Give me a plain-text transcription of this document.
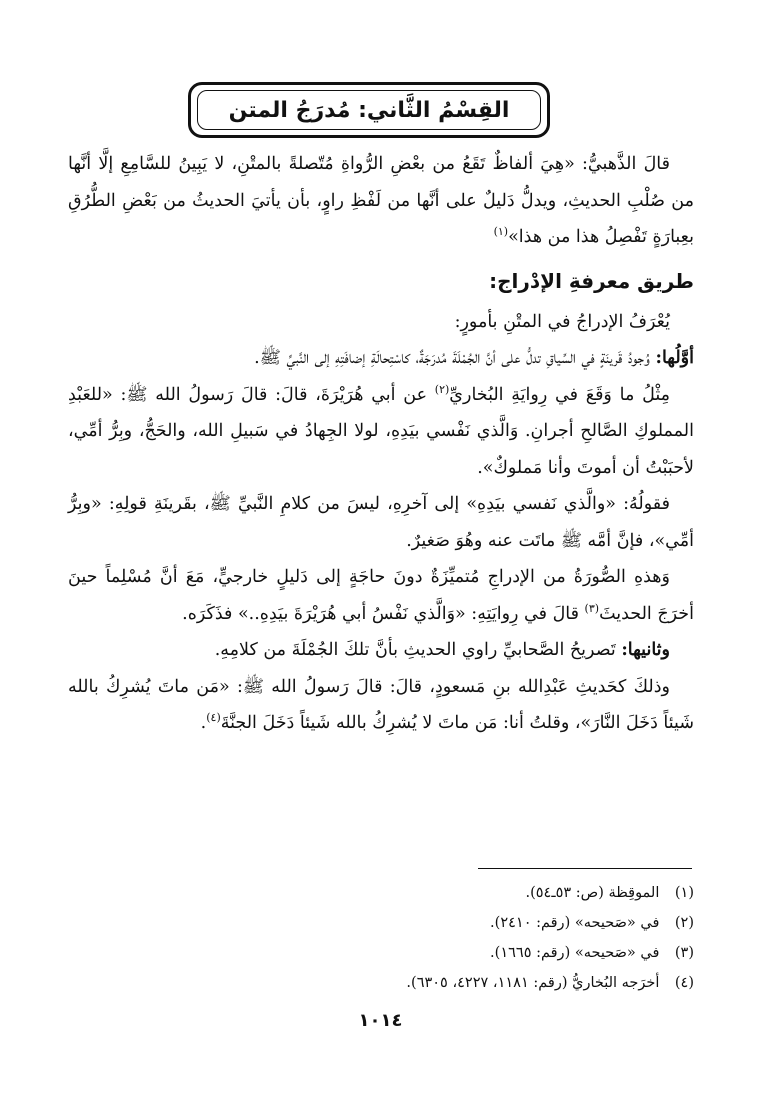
القِسْمُ الثَّاني: مُدرَجُ المتن

قالَ الذَّهبيُّ: «هِيَ ألفاظٌ تَقَعُ من بعْضِ الرُّواةِ مُتّصلةً بالمتْنِ، لا يَبِينُ للسَّامِعِ إلَّا أنَّها من صُلْبِ الحديثِ، ويدلُّ دَليلٌ على أنَّها من لَفْظِ راوٍ، بأن يأتيَ الحديثُ من بَعْضِ الطُّرُقِ بعِبارَةٍ تَفْصِلُ هذا من هذا»$^{(١)}$

طريق معرفةِ الإدْراج:

يُعْرَفُ الإدراجُ في المتْنِ بأمورٍ:

أوَّلُها: وُجودُ قَرينَةٍ في السِّياقِ تدلُّ على أنَّ الجُمْلَةَ مُدرَجَةٌ، كاسْتِحالَةِ إضافَتِهِ إلى النَّبيِّ ﷺ.

مِثْلُ ما وَقَعَ في رِوايَةِ البُخاريِّ$^{(٢)}$ عن أبي هُرَيْرَةَ، قالَ: قالَ رَسولُ الله ﷺ: «للعَبْدِ المملوكِ الصَّالحِ أجرانِ. وَالَّذي نَفْسي بيَدِهِ، لولا الجِهادُ في سَبيلِ الله، والحَجُّ، وبِرُّ أمِّي، لأحبَبْتُ أن أموتَ وأنا مَملوكٌ».

فقولُهُ: «والَّذي نَفسي بيَدِهِ» إلى آخرِهِ، ليسَ من كلامِ النَّبيِّ ﷺ، بقَرينَةِ قولِهِ: «وبِرُّ أمِّي»، فإنَّ أمَّه ﷺ ماتَت عنه وهُوَ صَغيرٌ.

وَهذهِ الصُّورَةُ من الإدراجِ مُتميِّزَةٌ دونَ حاجَةٍ إلى دَليلٍ خارجيٍّ، مَعَ أنَّ مُسْلِماً حينَ أخرَجَ الحديثَ$^{(٣)}$ قالَ في رِوايَتِهِ: «وَالَّذي نَفْسُ أبي هُرَيْرَةَ بيَدِهِ..» فذَكَرَه.

وثانيها: تَصريحُ الصَّحابيِّ راوي الحديثِ بأنَّ تلكَ الجُمْلَةَ من كلامِهِ.

وذلكَ كحَديثِ عَبْدِالله بنِ مَسعودٍ، قالَ: قالَ رَسولُ الله ﷺ: «مَن ماتَ يُشرِكُ بالله شَيئاً دَخَلَ النَّارَ»، وقلتُ أنا: مَن ماتَ لا يُشرِكُ بالله شَيئاً دَخَلَ الجنَّةَ$^{(٤)}$.

(١) الموقِظة (ص: ٥٣ـ٥٤).

(٢) في «صَحيحه» (رقم: ٢٤١٠).

(٣) في «صَحيحه» (رقم: ١٦٦٥).

(٤) أخرَجه البُخاريُّ (رقم: ١١٨١، ٤٢٢٧، ٦٣٠٥).

١٠١٤
